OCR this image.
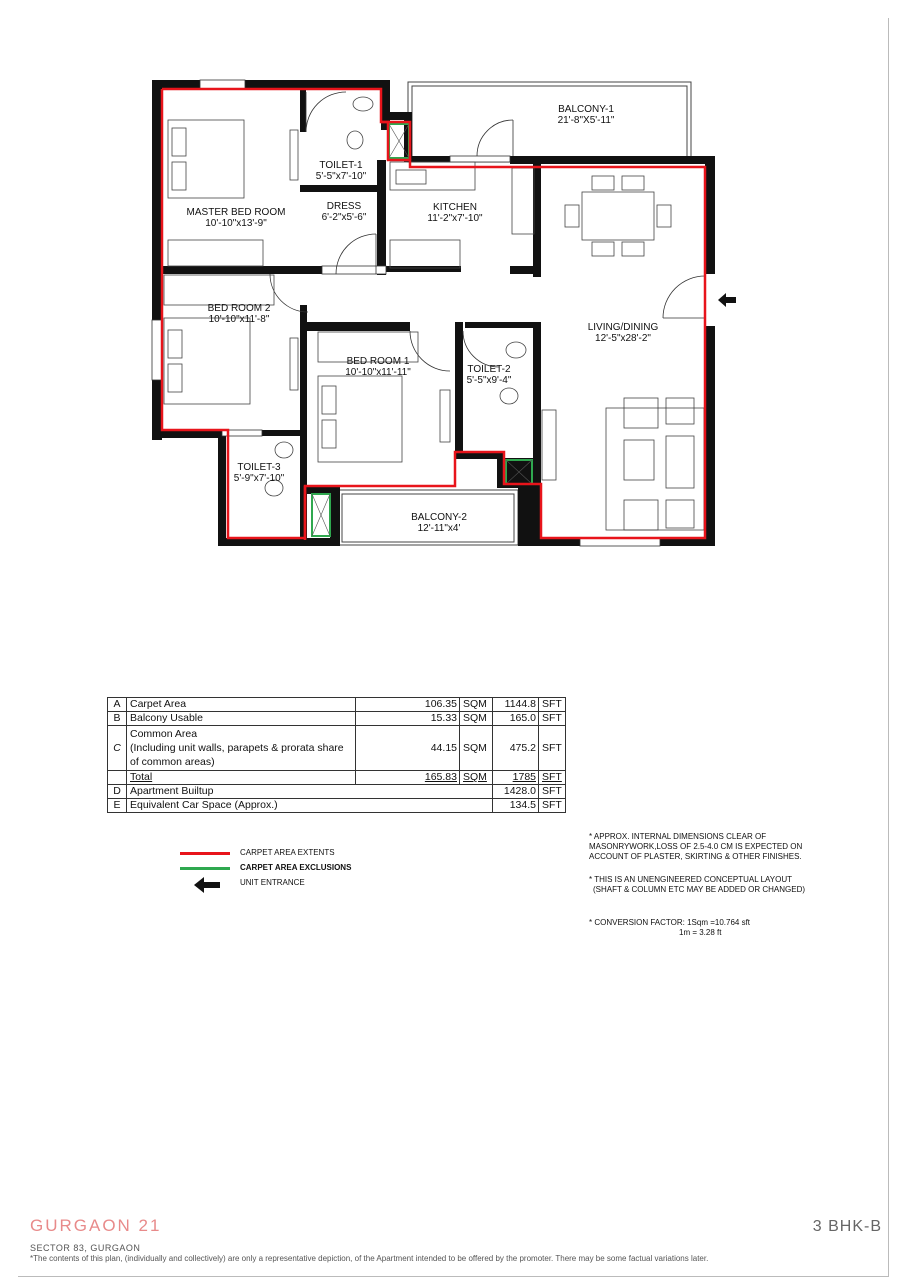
BALCONY-1
21'-8"X5'-11"
TOILET-1
5'-5"x7'-10"
MASTER BED ROOM
10'-10"x13'-9"
DRESS
6'-2"x5'-6"
KITCHEN
11'-2"x7'-10"
BED ROOM 2
10'-10"x11'-8"
BED ROOM 1
10'-10"x11'-11"	TOILET-2
5'-5"x9'-4"
LIVING/DINING
12'-5"x28'-2"
TOILET-3
5'-9"x7'-10"
BALCONY-2
12'-11"x4'
A	Carpet Area	106.35	SQM	1144.8	SFT
B	Balcony Usable	15.33	SQM	165.0	SFT
C	Common Area
(Including unit walls, parapets & prorata share
of common areas)	44.15	SQM	475.2	SFT
	Total	165.83	SQM	1785	SFT
D	Apartment Builtup			1428.0	SFT
E	Equivalent Car Space (Approx.)			134.5	SFT
CARPET AREA EXTENTS
CARPET AREA EXCLUSIONS
UNIT ENTRANCE
* APPROX. INTERNAL DIMENSIONS CLEAR OF
MASONRYWORK,LOSS OF 2.5-4.0 CM IS EXPECTED ON
ACCOUNT OF PLASTER, SKIRTING & OTHER FINISHES.
* THIS IS AN UNENGINEERED CONCEPTUAL LAYOUT
(SHAFT & COLUMN ETC MAY BE ADDED OR CHANGED)
* CONVERSION FACTOR: 1Sqm =10.764 sft
1m = 3.28 ft
GURGAON 21	3 BHK-B
SECTOR 83, GURGAON
*The contents of this plan, (individually and collectively) are only a representative depiction, of the Apartment intended to be offered by the promoter. There may be some factual variations later.
